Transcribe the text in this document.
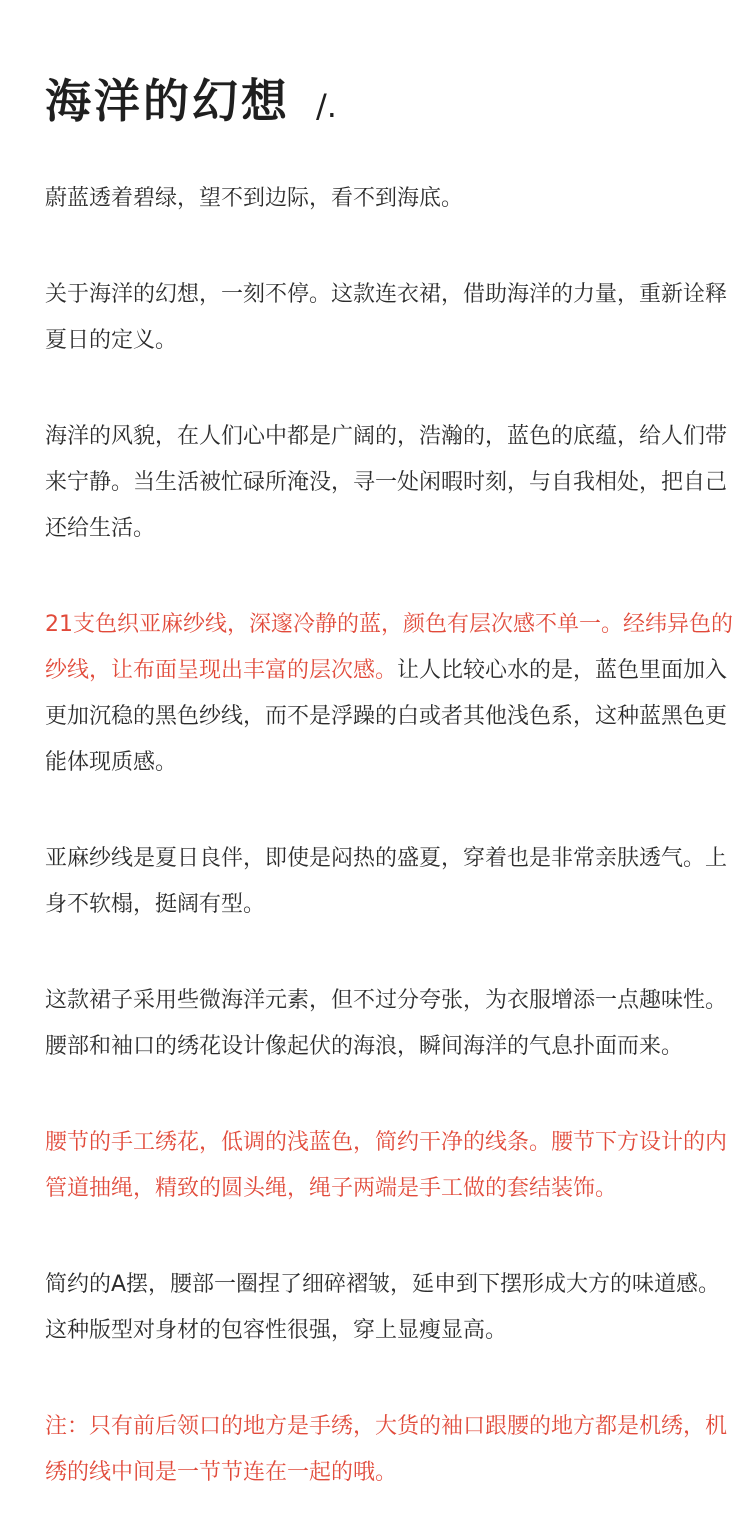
海洋的幻想 /.

蔚蓝透着碧绿，望不到边际，看不到海底。

关于海洋的幻想，一刻不停。这款连衣裙，借助海洋的力量，重新诠释夏日的定义。

海洋的风貌，在人们心中都是广阔的，浩瀚的，蓝色的底蕴，给人们带来宁静。当生活被忙碌所淹没，寻一处闲暇时刻，与自我相处，把自己还给生活。

21支色织亚麻纱线，深邃冷静的蓝，颜色有层次感不单一。经纬异色的纱线，让布面呈现出丰富的层次感。让人比较心水的是，蓝色里面加入更加沉稳的黑色纱线，而不是浮躁的白或者其他浅色系，这种蓝黑色更能体现质感。

亚麻纱线是夏日良伴，即使是闷热的盛夏，穿着也是非常亲肤透气。上身不软榻，挺阔有型。

这款裙子采用些微海洋元素，但不过分夸张，为衣服增添一点趣味性。腰部和袖口的绣花设计像起伏的海浪，瞬间海洋的气息扑面而来。

腰节的手工绣花，低调的浅蓝色，简约干净的线条。腰节下方设计的内管道抽绳，精致的圆头绳，绳子两端是手工做的套结装饰。

简约的A摆，腰部一圈捏了细碎褶皱，延申到下摆形成大方的味道感。这种版型对身材的包容性很强，穿上显瘦显高。

注：只有前后领口的地方是手绣，大货的袖口跟腰的地方都是机绣，机绣的线中间是一节节连在一起的哦。
